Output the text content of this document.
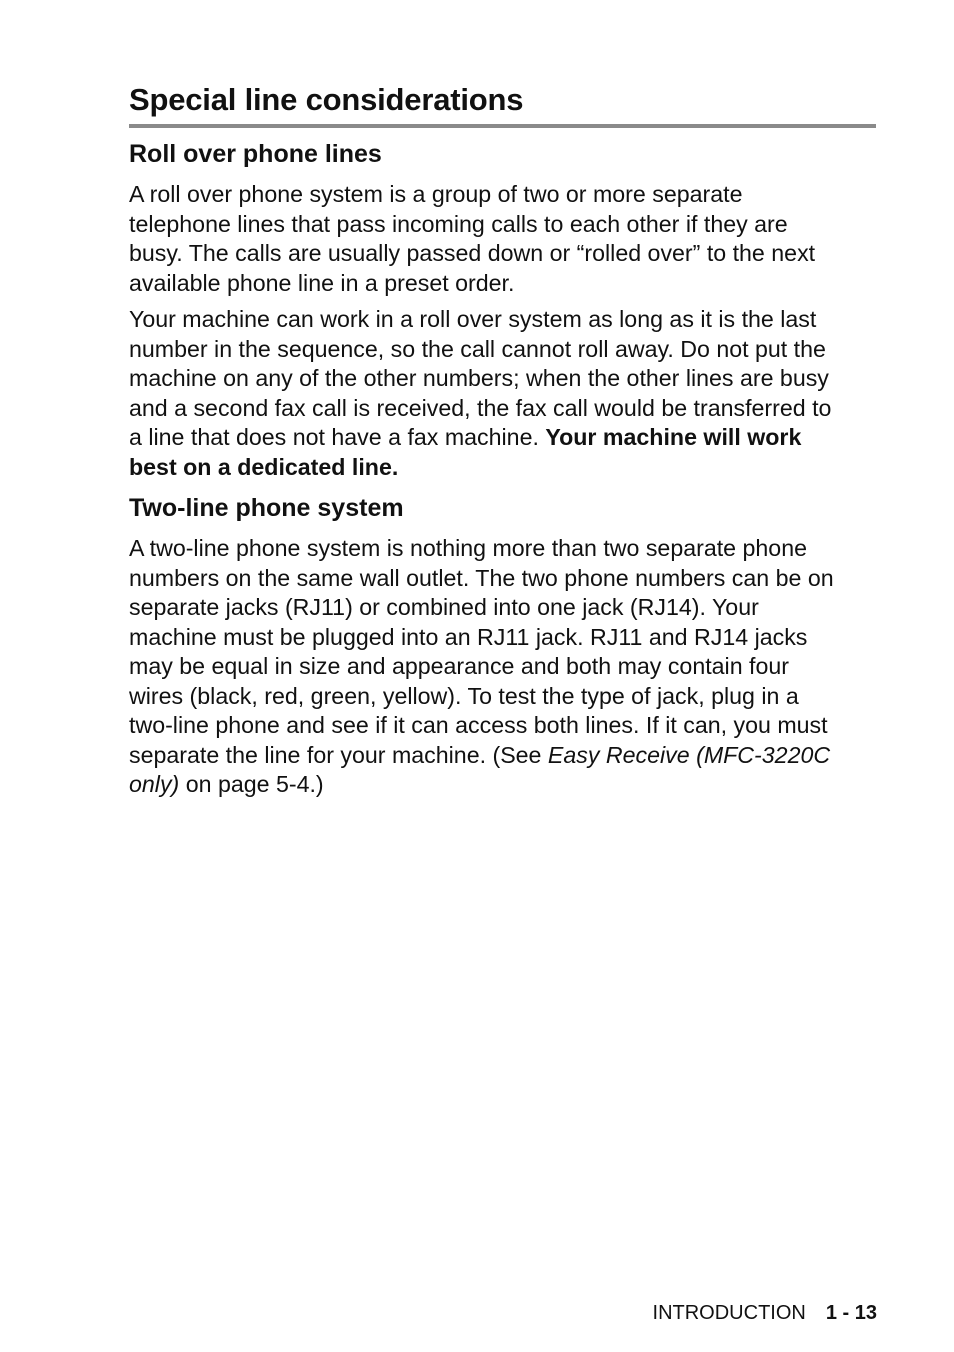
Special line considerations
Roll over phone lines

A roll over phone system is a group of two or more separate
telephone lines that pass incoming calls to each other if they are
busy. The calls are usually passed down or “rolled over” to the next
available phone line in a preset order.

Your machine can work in a roll over system as long as it is the last
number in the sequence, so the call cannot roll away. Do not put the
machine on any of the other numbers; when the other lines are busy
and a second fax call is received, the fax call would be transferred to
a line that does not have a fax machine. Your machine will work
best on a dedicated line.

Two-line phone system

A two-line phone system is nothing more than two separate phone
numbers on the same wall outlet. The two phone numbers can be on
separate jacks (RJ11) or combined into one jack (RJ14). Your
machine must be plugged into an RJ11 jack. RJ11 and RJ14 jacks
may be equal in size and appearance and both may contain four
wires (black, red, green, yellow). To test the type of jack, plug in a
two-line phone and see if it can access both lines. If it can, you must
separate the line for your machine. (See Easy Receive (MFC-3220C
only) on page 5-4.)

INTRODUCTION 1 - 13
